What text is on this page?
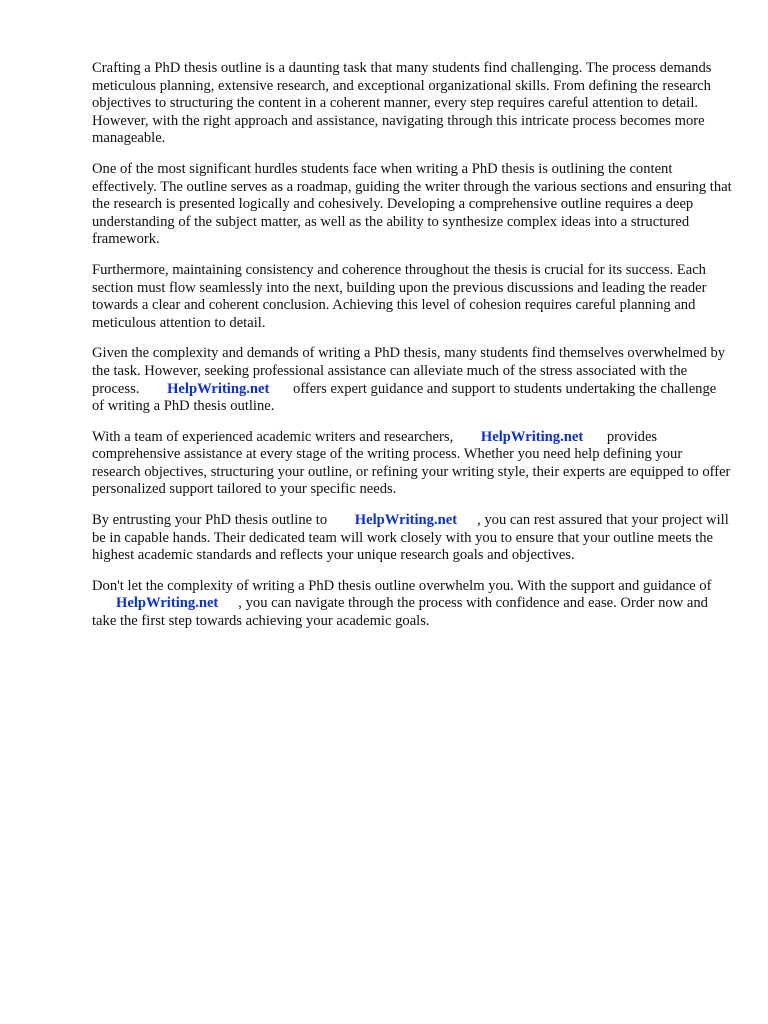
Crafting a PhD thesis outline is a daunting task that many students find challenging. The process demands meticulous planning, extensive research, and exceptional organizational skills. From defining the research objectives to structuring the content in a coherent manner, every step requires careful attention to detail. However, with the right approach and assistance, navigating through this intricate process becomes more manageable.

One of the most significant hurdles students face when writing a PhD thesis is outlining the content effectively. The outline serves as a roadmap, guiding the writer through the various sections and ensuring that the research is presented logically and cohesively. Developing a comprehensive outline requires a deep understanding of the subject matter, as well as the ability to synthesize complex ideas into a structured framework.

Furthermore, maintaining consistency and coherence throughout the thesis is crucial for its success. Each section must flow seamlessly into the next, building upon the previous discussions and leading the reader towards a clear and coherent conclusion. Achieving this level of cohesion requires careful planning and meticulous attention to detail.

Given the complexity and demands of writing a PhD thesis, many students find themselves overwhelmed by the task. However, seeking professional assistance can alleviate much of the stress associated with the process. HelpWriting.net offers expert guidance and support to students undertaking the challenge of writing a PhD thesis outline.

With a team of experienced academic writers and researchers, HelpWriting.net provides comprehensive assistance at every stage of the writing process. Whether you need help defining your research objectives, structuring your outline, or refining your writing style, their experts are equipped to offer personalized support tailored to your specific needs.

By entrusting your PhD thesis outline to HelpWriting.net , you can rest assured that your project will be in capable hands. Their dedicated team will work closely with you to ensure that your outline meets the highest academic standards and reflects your unique research goals and objectives.

Don't let the complexity of writing a PhD thesis outline overwhelm you. With the support and guidance of HelpWriting.net , you can navigate through the process with confidence and ease. Order now and take the first step towards achieving your academic goals.
